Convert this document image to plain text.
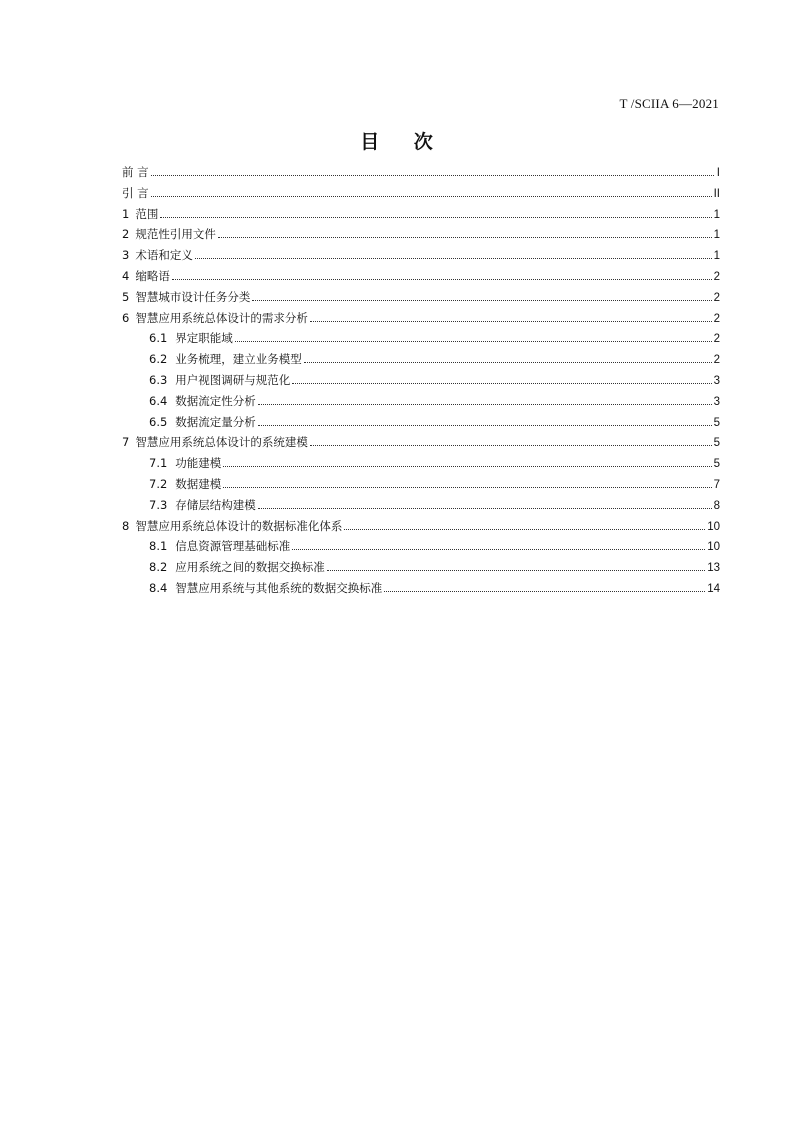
T /SCIIA 6—2021
目 次
前 言	I
引 言	II
1 范围	1
2 规范性引用文件	1
3 术语和定义	1
4 缩略语	2
5 智慧城市设计任务分类	2
6 智慧应用系统总体设计的需求分析	2
6.1 界定职能域	2
6.2 业务梳理，建立业务模型	2
6.3 用户视图调研与规范化	3
6.4 数据流定性分析	3
6.5 数据流定量分析	5
7 智慧应用系统总体设计的系统建模	5
7.1 功能建模	5
7.2 数据建模	7
7.3 存储层结构建模	8
8 智慧应用系统总体设计的数据标准化体系	10
8.1 信息资源管理基础标准	10
8.2 应用系统之间的数据交换标准	13
8.4 智慧应用系统与其他系统的数据交换标准	14
